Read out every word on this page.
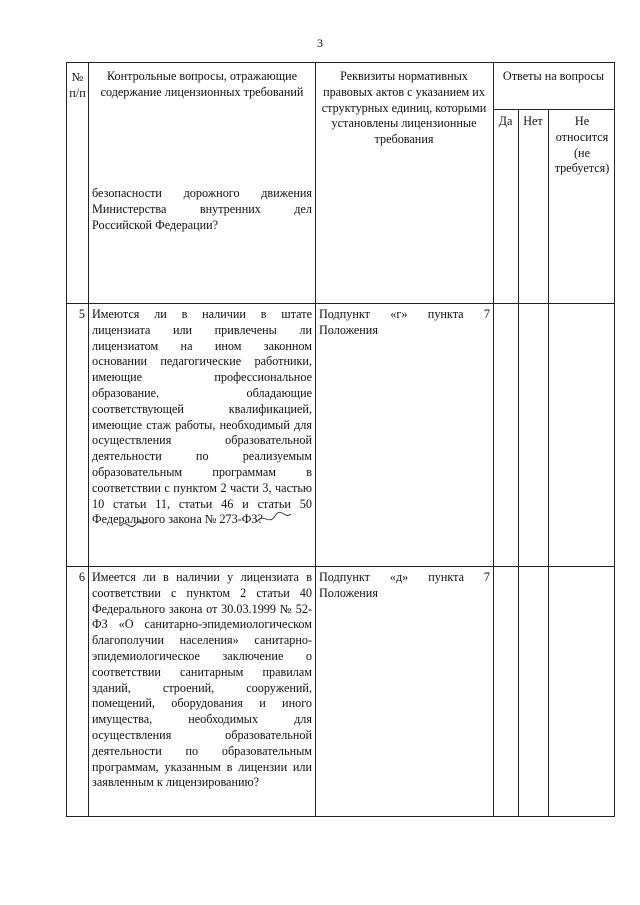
3
№ п/п
Контрольные вопросы, отражающие содержание лицензионных требований
Реквизиты нормативных правовых актов с указанием их структурных единиц, которыми установлены лицензионные требования
Ответы на вопросы
Да Нет	Не относится (не требуется)
безопасности дорожного движения Министерства внутренних дел Российской Федерации?
5 Имеются ли в наличии в штате лицензиата или привлечены ли лицензиатом на ином законном основании педагогические работники, имеющие профессиональное образование, обладающие соответствующей квалификацией, имеющие стаж работы, необходимый для осуществления образовательной деятельности по реализуемым образовательным программам в соответствии с пунктом 2 части 3, частью 10 статьи 11, статьи 46 и статьи 50 Федерального закона № 273-ФЗ?
Подпункт «г» пункта 7 Положения
6 Имеется ли в наличии у лицензиата в соответствии с пунктом 2 статьи 40 Федерального закона от 30.03.1999 № 52-ФЗ «О санитарно-эпидемиологическом благополучии населения» санитарно-эпидемиологическое заключение о соответствии санитарным правилам зданий, строений, сооружений, помещений, оборудования и иного имущества, необходимых для осуществления образовательной деятельности по образовательным программам, указанным в лицензии или заявленным к лицензированию?
Подпункт «д» пункта 7 Положения
